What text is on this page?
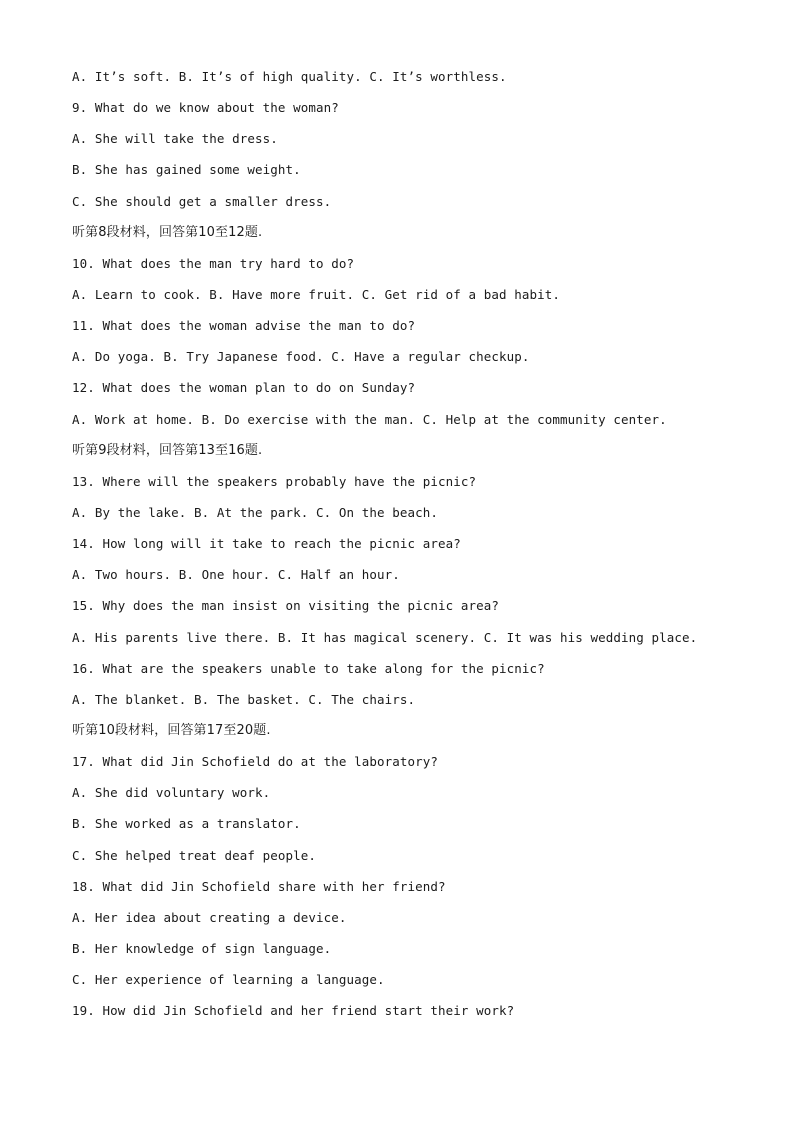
A. It’s soft. B. It’s of high quality. C. It’s worthless.
9. What do we know about the woman?
A. She will take the dress.
B. She has gained some weight.
C. She should get a smaller dress.
听第8段材料，回答第10至12题.
10. What does the man try hard to do?
A. Learn to cook. B. Have more fruit. C. Get rid of a bad habit.
11. What does the woman advise the man to do?
A. Do yoga. B. Try Japanese food. C. Have a regular checkup.
12. What does the woman plan to do on Sunday?
A. Work at home. B. Do exercise with the man. C. Help at the community center.
听第9段材料，回答第13至16题.
13. Where will the speakers probably have the picnic?
A. By the lake. B. At the park. C. On the beach.
14. How long will it take to reach the picnic area?
A. Two hours. B. One hour. C. Half an hour.
15. Why does the man insist on visiting the picnic area?
A. His parents live there. B. It has magical scenery. C. It was his wedding place.
16. What are the speakers unable to take along for the picnic?
A. The blanket. B. The basket. C. The chairs.
听第10段材料，回答第17至20题.
17. What did Jin Schofield do at the laboratory?
A. She did voluntary work.
B. She worked as a translator.
C. She helped treat deaf people.
18. What did Jin Schofield share with her friend?
A. Her idea about creating a device.
B. Her knowledge of sign language.
C. Her experience of learning a language.
19. How did Jin Schofield and her friend start their work?
